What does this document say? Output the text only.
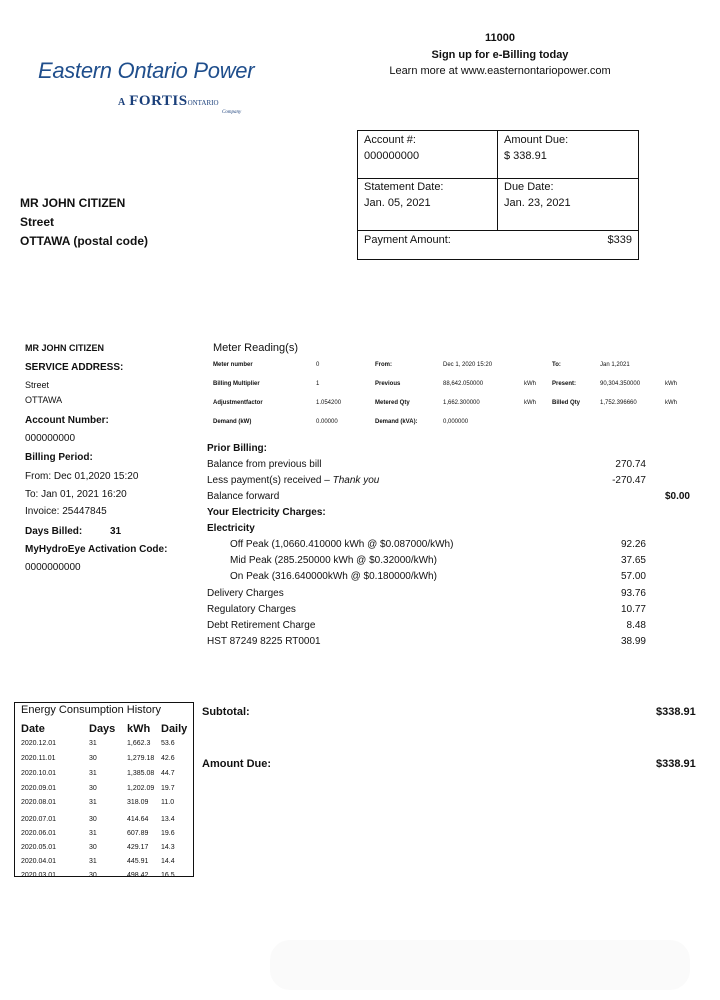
Eastern Ontario Power
A FORTISONTARIO
Company
11000
Sign up for e-Billing today
Learn more at www.easternontariopower.com
Account #:
000000000
Amount Due:
$ 338.91
Statement Date:
Jan. 05, 2021
Due Date:
Jan. 23, 2021
Payment Amount:	$339
MR JOHN CITIZEN
Street
OTTAWA (postal code)
MR JOHN CITIZEN
SERVICE ADDRESS:
Street
OTTAWA
Account Number:
000000000
Billing Period:
From: Dec 01,2020 15:20
To: Jan 01, 2021 16:20
Invoice: 25447845
Days Billed:	31
MyHydroEye Activation Code:
0000000000
Meter Reading(s)
Meter number	0	From:	Dec 1, 2020 15:20	To:	Jan 1,2021
Billing Multiplier	1	Previous	88,642.050000	kWh	Present:	90,304.350000	kWh
Adjustmentfactor	1.054200	Metered Qty	1,662.300000	kWh	Billed Qty	1,752.396660	kWh
Demand (kW)	0.00000	Demand (kVA):	0,000000
Prior Billing:
Balance from previous bill	270.74
Less payment(s) received – Thank you	-270.47
Balance forward	$0.00
Your Electricity Charges:
Electricity
Off Peak (1,0660.410000 kWh @ $0.087000/kWh)	92.26
Mid Peak (285.250000 kWh @ $0.32000/kWh)	37.65
On Peak (316.640000kWh @ $0.180000/kWh)	57.00
Delivery Charges	93.76
Regulatory Charges	10.77
Debt Retirement Charge	8.48
HST 87249 8225 RT0001	38.99
Energy Consumption History
Date	Days kWh Daily
2020.12.01	31	1,662.3 53.6
2020.11.01	30	1,279.18 42.6
2020.10.01	31	1,385.08 44.7
2020.09.01	30	1,202.09 19.7
2020.08.01	31	318.09 11.0
2020.07.01	30	414.64 13.4
2020.06.01	31	607.89 19.6
2020.05.01	30	429.17 14.3
2020.04.01	31	445.91 14.4
2020.03.01	30	498.42 16.5
Subtotal:	$338.91
Amount Due:	$338.91
